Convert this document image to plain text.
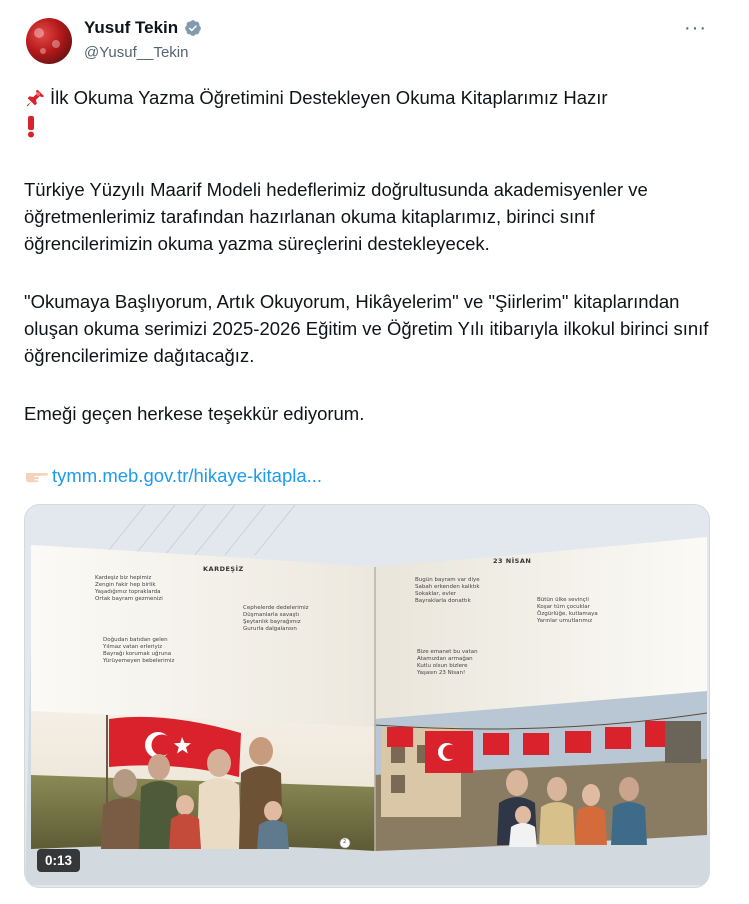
Yusuf Tekin
@Yusuf__Tekin
···
İlk Okuma Yazma Öğretimini Destekleyen Okuma Kitaplarımız Hazır

Türkiye Yüzyılı Maarif Modeli hedeflerimiz doğrultusunda akademisyenler ve öğretmenlerimiz tarafından hazırlanan okuma kitaplarımız, birinci sınıf öğrencilerimizin okuma yazma süreçlerini destekleyecek.
"Okumaya Başlıyorum, Artık Okuyorum, Hikâyelerim" ve "Şiirlerim" kitaplarından oluşan okuma serimizi 2025-2026 Eğitim ve Öğretim Yılı itibarıyla ilkokul birinci sınıf öğrencilerimize dağıtacağız.
Emeği geçen herkese teşekkür ediyorum.
tymm.meb.gov.tr/hikaye-kitapla...
KARDEŞİZ
Kardeşiz biz hepimiz
Zengin fakir hep birlik
Yaşadığımız topraklarda
Ortak bayram gezmenizi
Cephelerde dedelerimiz
Düşmanlarla savaştı
Şeytanlık bayrağımız
Gururla dalgalansın
Doğudan batıdan gelen
Yılmaz vatan erleriyiz
Bayrağı korumak uğruna
Yürüyemeyen bebelerimiz
2
23 NİSAN
Bugün bayram var diye
Sabah erkenden kalktık
Sokaklar, evler
Bayraklarla donattık	Bütün ülke sevinçli
Koşar tüm çocuklar
Özgürlüğe, kutlamaya
Yarınlar umutlarımız
Bize emanet bu vatan
Atamızdan armağan
Kutlu olsun bizlere
Yaşasın 23 Nisan!
0:13
